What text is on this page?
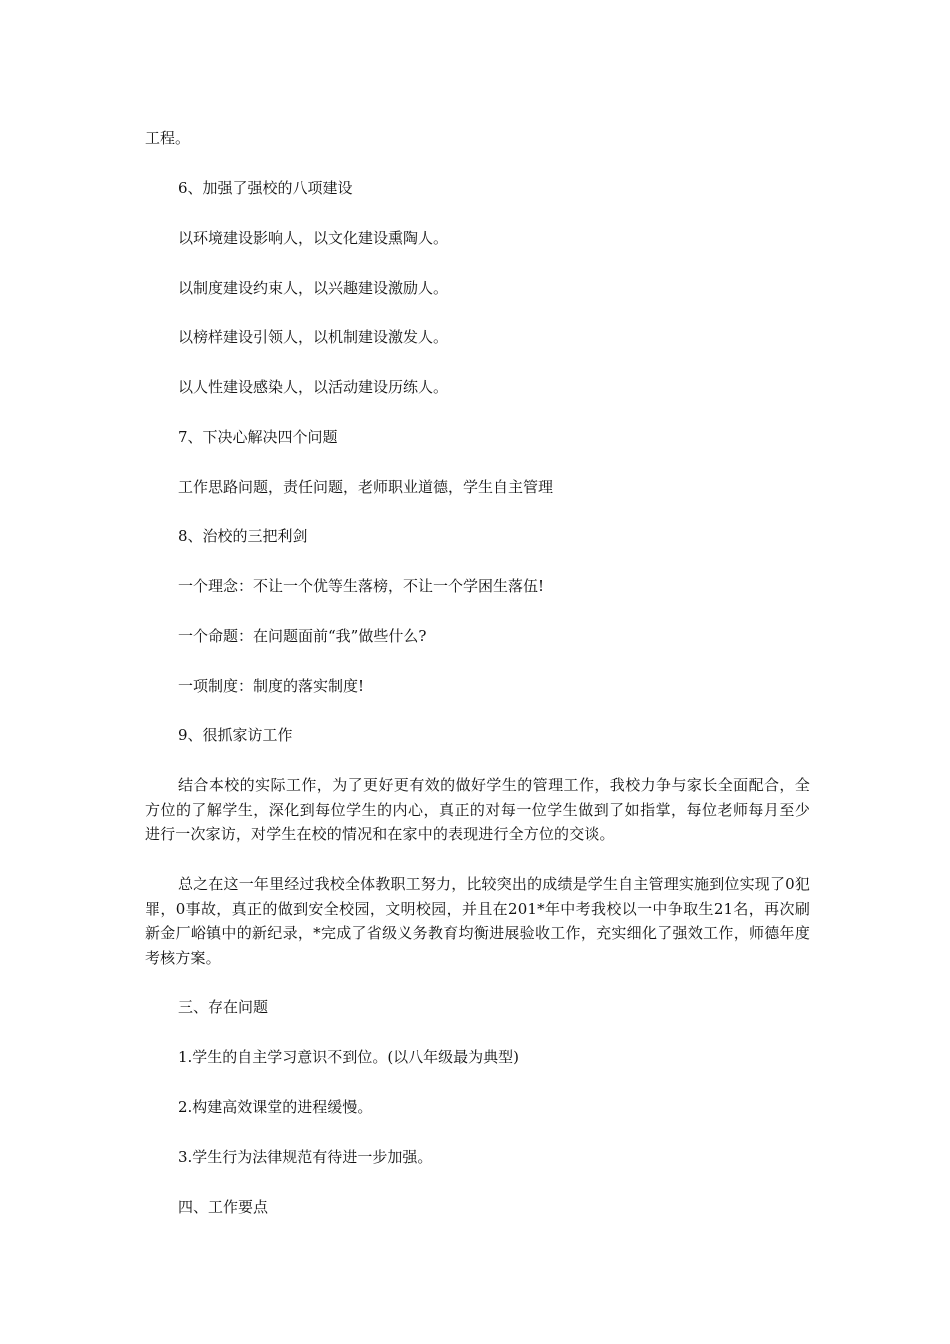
工程。
6、加强了强校的八项建设
以环境建设影响人，以文化建设熏陶人。
以制度建设约束人，以兴趣建设激励人。
以榜样建设引领人，以机制建设激发人。
以人性建设感染人，以活动建设历练人。
7、下决心解决四个问题
工作思路问题，责任问题，老师职业道德，学生自主管理
8、治校的三把利剑
一个理念：不让一个优等生落榜，不让一个学困生落伍!
一个命题：在问题面前“我”做些什么?
一项制度：制度的落实制度!
9、很抓家访工作

结合本校的实际工作，为了更好更有效的做好学生的管理工作，我校力争与家长全面配合，全方位的了解学生，深化到每位学生的内心，真正的对每一位学生做到了如指掌，每位老师每月至少进行一次家访，对学生在校的情况和在家中的表现进行全方位的交谈。

总之在这一年里经过我校全体教职工努力，比较突出的成绩是学生自主管理实施到位实现了0犯罪，0事故，真正的做到安全校园，文明校园，并且在201*年中考我校以一中争取生21名，再次刷新金厂峪镇中的新纪录，*完成了省级义务教育均衡进展验收工作，充实细化了强效工作，师德年度考核方案。

三、存在问题
1.学生的自主学习意识不到位。(以八年级最为典型)
2.构建高效课堂的进程缓慢。
3.学生行为法律规范有待进一步加强。
四、工作要点
